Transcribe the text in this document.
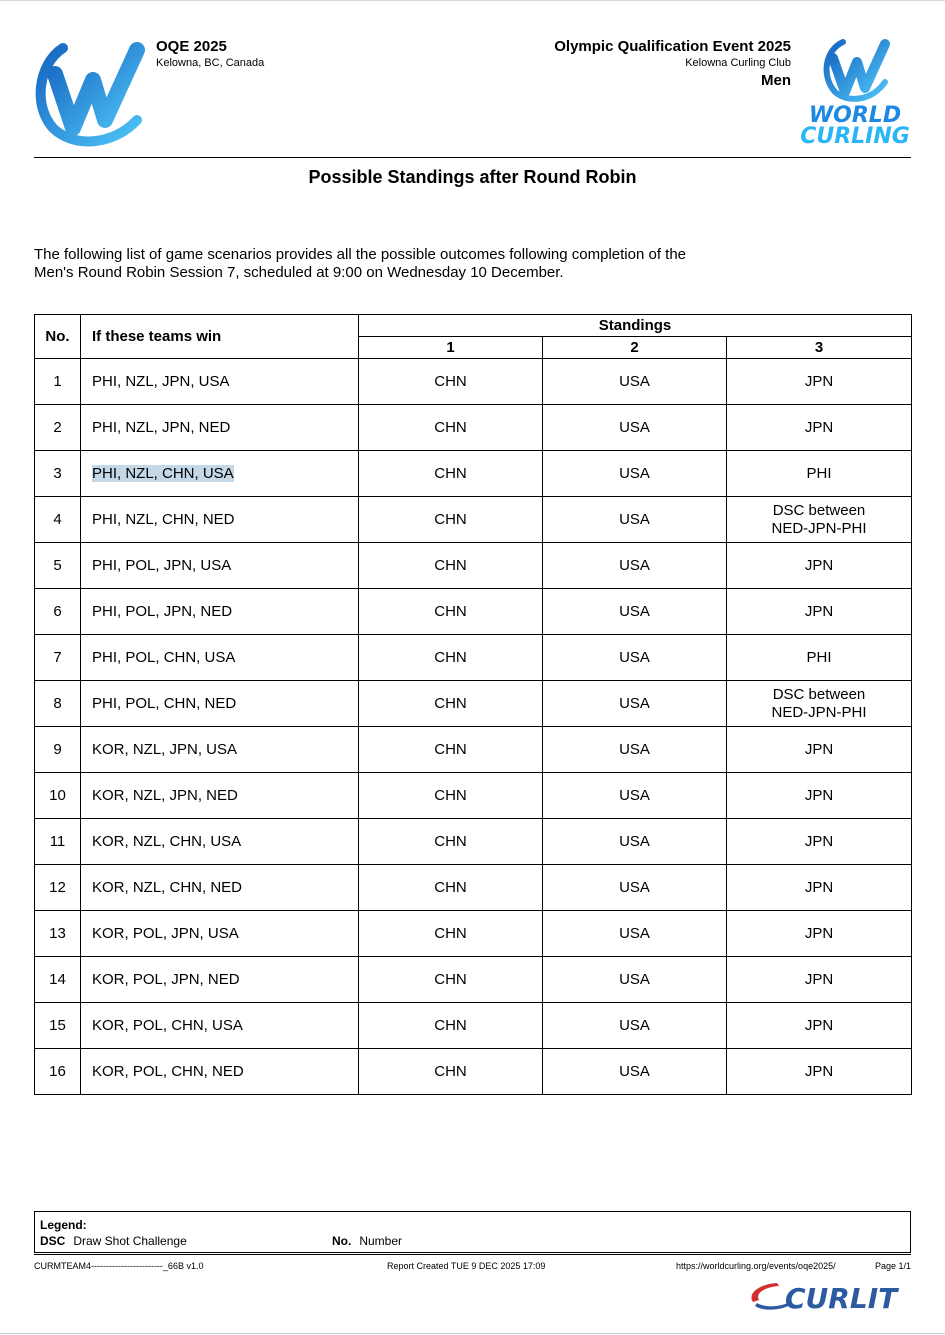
OQE 2025
Kelowna, BC, Canada
Olympic Qualification Event 2025
Kelowna Curling Club
Men
WORLD
CURLING
Possible Standings after Round Robin
The following list of game scenarios provides all the possible outcomes following completion of the
Men's Round Robin Session 7, scheduled at 9:00 on Wednesday 10 December.
No.	If these teams win	Standings		
		1	2	3
1	PHI, NZL, JPN, USA	CHN	USA	JPN
2	PHI, NZL, JPN, NED	CHN	USA	JPN
3	PHI, NZL, CHN, USA	CHN	USA	PHI
4	PHI, NZL, CHN, NED	CHN	USA	DSC between
NED-JPN-PHI
5	PHI, POL, JPN, USA	CHN	USA	JPN
6	PHI, POL, JPN, NED	CHN	USA	JPN
7	PHI, POL, CHN, USA	CHN	USA	PHI
8	PHI, POL, CHN, NED	CHN	USA	DSC between
NED-JPN-PHI
9	KOR, NZL, JPN, USA	CHN	USA	JPN
10	KOR, NZL, JPN, NED	CHN	USA	JPN
11	KOR, NZL, CHN, USA	CHN	USA	JPN
12	KOR, NZL, CHN, NED	CHN	USA	JPN
13	KOR, POL, JPN, USA	CHN	USA	JPN
14	KOR, POL, JPN, NED	CHN	USA	JPN
15	KOR, POL, CHN, USA	CHN	USA	JPN
16	KOR, POL, CHN, NED	CHN	USA	JPN
Legend:
DSC Draw Shot Challenge	No. Number
CURMTEAM4------------------------_66B v1.0	Report Created TUE 9 DEC 2025 17:09	https://worldcurling.org/events/oqe2025/	Page 1/1
CURLIT
